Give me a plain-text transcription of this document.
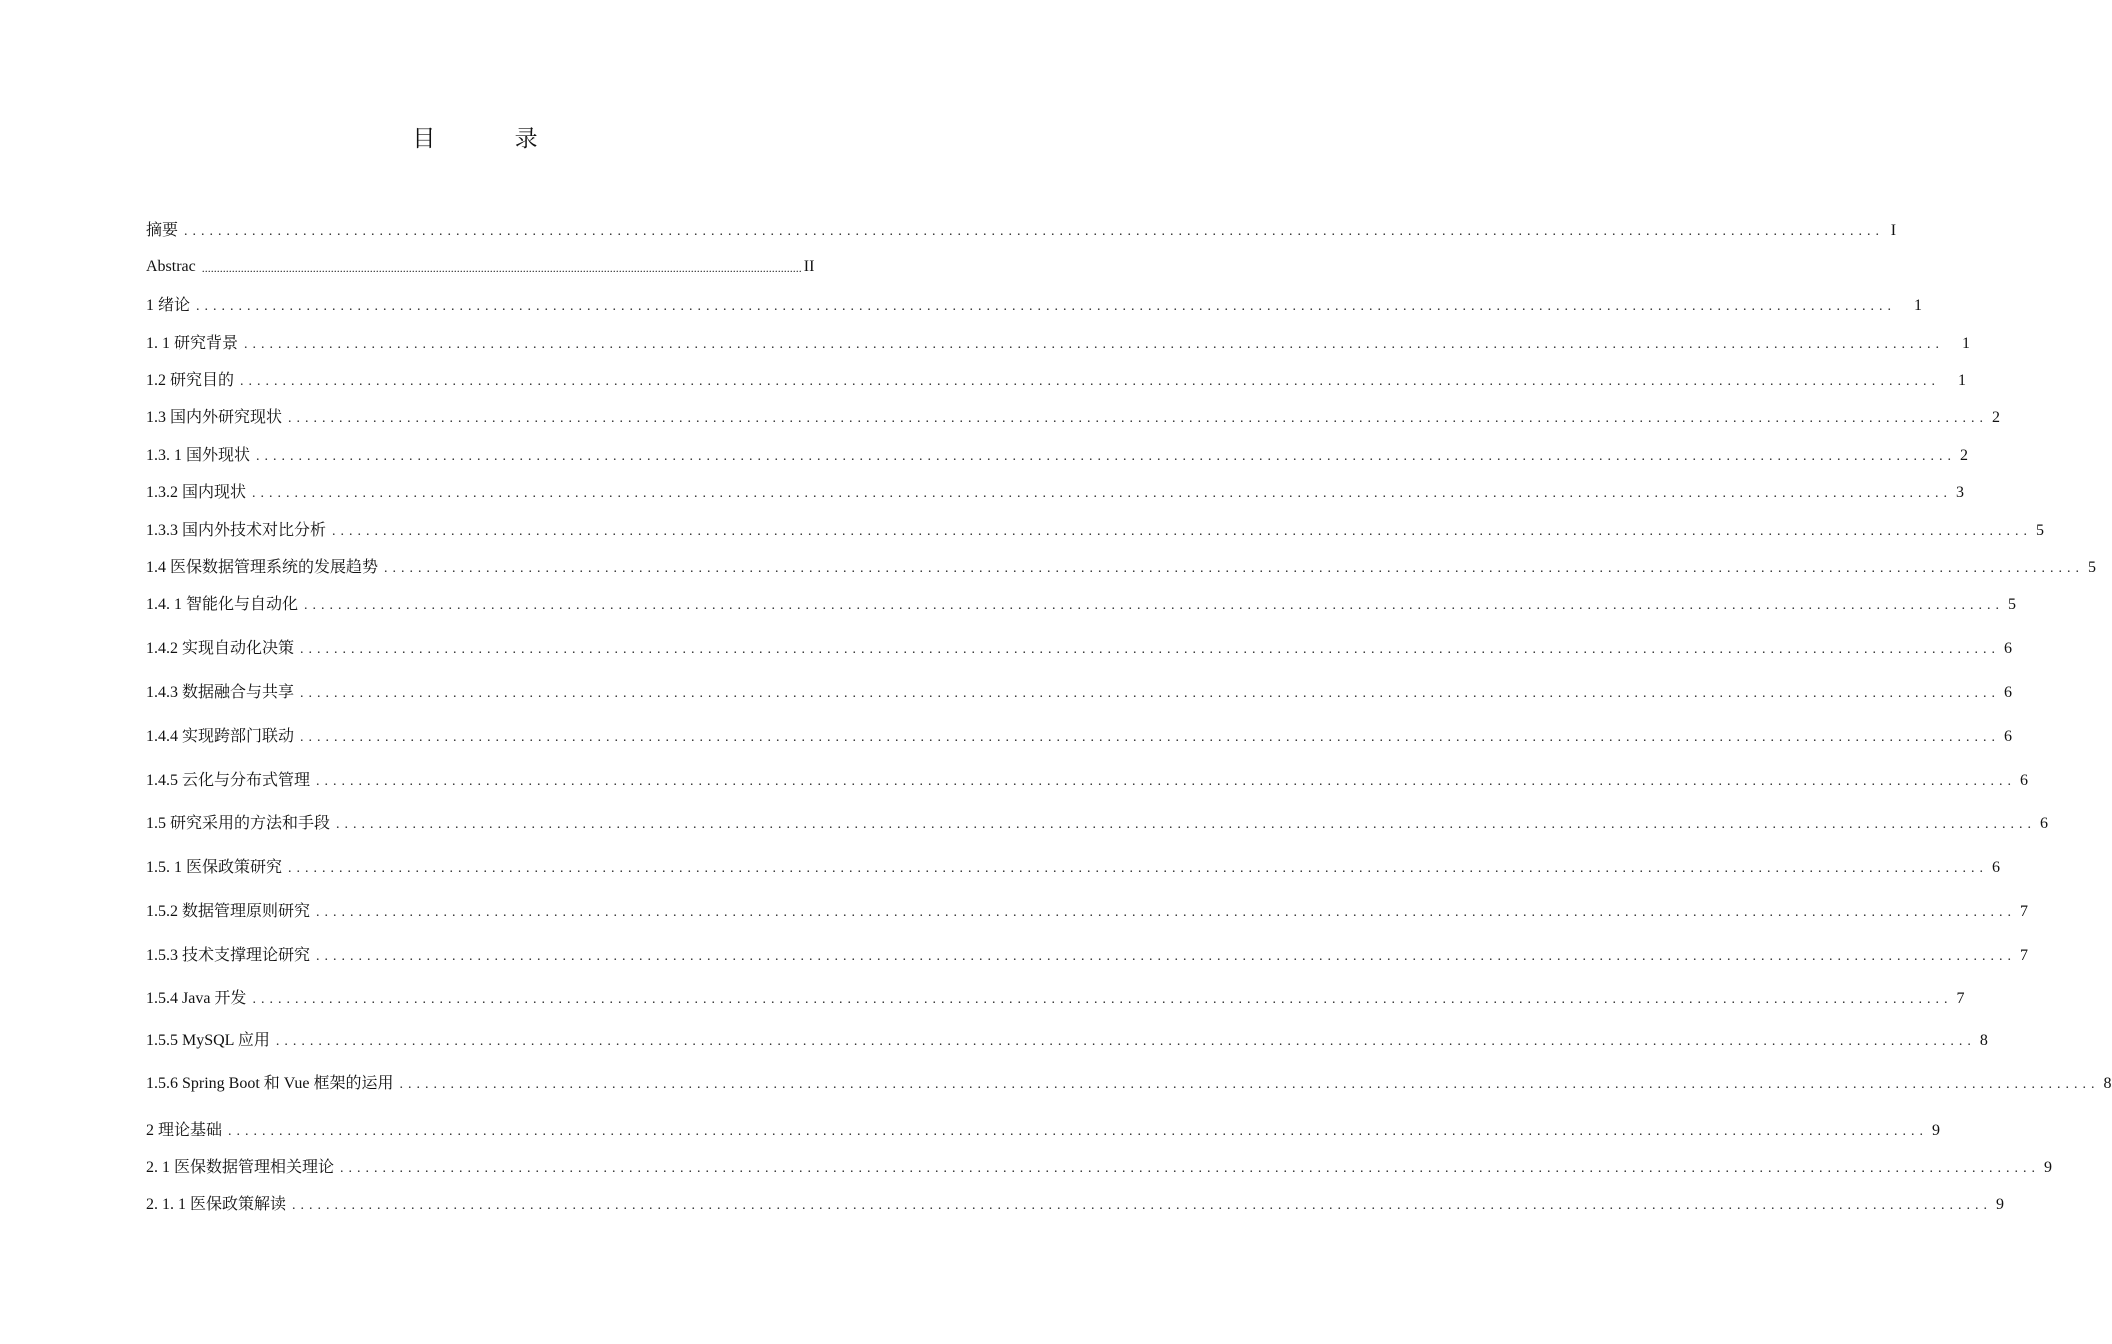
目 录
摘要 ........................................................................................................................................................................................................ I
Abstrac ........................................................................................................................................................................................................ II
1 绪论 ........................................................................................................................................................................................................	1
1. 1 研究背景 ........................................................................................................................................................................................................	1
1.2 研究目的 ........................................................................................................................................................................................................	1
1.3 国内外研究现状 ........................................................................................................................................................................................................ 2
1.3. 1 国外现状 ........................................................................................................................................................................................................ 2
1.3.2 国内现状 ........................................................................................................................................................................................................ 3
1.3.3 国内外技术对比分析 ........................................................................................................................................................................................................ 5
1.4 医保数据管理系统的发展趋势 ........................................................................................................................................................................................................ 5
1.4. 1 智能化与自动化 ........................................................................................................................................................................................................ 5
1.4.2 实现自动化决策 ........................................................................................................................................................................................................ 6
1.4.3 数据融合与共享 ........................................................................................................................................................................................................ 6
1.4.4 实现跨部门联动 ........................................................................................................................................................................................................ 6
1.4.5 云化与分布式管理 ........................................................................................................................................................................................................ 6
1.5 研究采用的方法和手段 ........................................................................................................................................................................................................ 6
1.5. 1 医保政策研究 ........................................................................................................................................................................................................ 6
1.5.2 数据管理原则研究 ........................................................................................................................................................................................................ 7
1.5.3 技术支撑理论研究 ........................................................................................................................................................................................................ 7
1.5.4 Java 开发 ........................................................................................................................................................................................................ 7
1.5.5 MySQL 应用 ........................................................................................................................................................................................................ 8
1.5.6 Spring Boot 和 Vue 框架的运用 ........................................................................................................................................................................................................ 8
2 理论基础 ........................................................................................................................................................................................................ 9
2. 1 医保数据管理相关理论 ........................................................................................................................................................................................................ 9
2. 1. 1 医保政策解读 ........................................................................................................................................................................................................ 9
